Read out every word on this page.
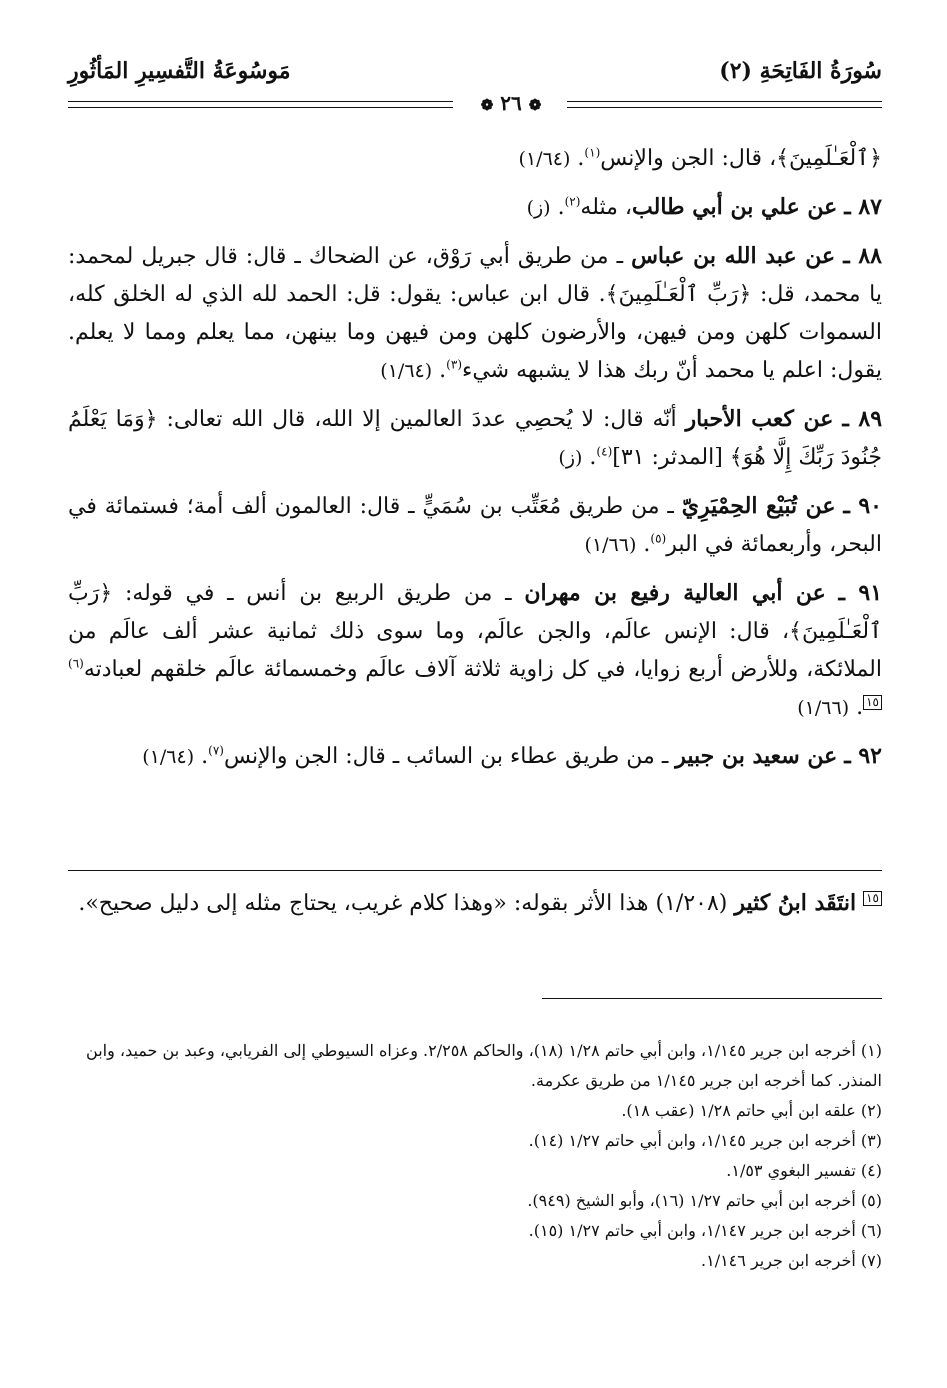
سُورَةُ الفَاتِحَةِ (٢)
مَوسُوعَةُ التَّفسِيرِ المَأثُورِ
❁ ٢٦ ❁

﴿ٱلْعَـٰلَمِينَ﴾، قال: الجن والإنس$^{(١)}$. (١/٦٤)

٨٧ ـ عن علي بن أبي طالب، مثله$^{(٢)}$. (ز)

٨٨ ـ عن عبد الله بن عباس ـ من طريق أبي رَوْق، عن الضحاك ـ قال: قال جبريل لمحمد: يا محمد، قل: ﴿رَبِّ ٱلْعَـٰلَمِينَ﴾. قال ابن عباس: يقول: قل: الحمد لله الذي له الخلق كله، السموات كلهن ومن فيهن، والأرضون كلهن ومن فيهن وما بينهن، مما يعلم ومما لا يعلم. يقول: اعلم يا محمد أنّ ربك هذا لا يشبهه شيء$^{(٣)}$. (١/٦٤)

٨٩ ـ عن كعب الأحبار أنّه قال: لا يُحصِي عددَ العالمين إلا الله، قال الله تعالى: ﴿وَمَا يَعْلَمُ جُنُودَ رَبِّكَ إِلَّا هُوَ﴾ [المدثر: ٣١]$^{(٤)}$. (ز)

٩٠ ـ عن تُبَيْع الحِمْيَرِيّ ـ من طريق مُعَتِّب بن سُمَيٍّ ـ قال: العالمون ألف أمة؛ فستمائة في البحر، وأربعمائة في البر$^{(٥)}$. (١/٦٦)

٩١ ـ عن أبي العالية رفيع بن مهران ـ من طريق الربيع بن أنس ـ في قوله: ﴿رَبِّ ٱلْعَـٰلَمِينَ﴾، قال: الإنس عالَم، والجن عالَم، وما سوى ذلك ثمانية عشر ألف عالَم من الملائكة، وللأرض أربع زوايا، في كل زاوية ثلاثة آلاف عالَم وخمسمائة عالَم خلقهم لعبادته$^{(٦)}$١٥. (١/٦٦)

٩٢ ـ عن سعيد بن جبير ـ من طريق عطاء بن السائب ـ قال: الجن والإنس$^{(٧)}$. (١/٦٤)

١٥ انتَقَد ابنُ كثير (١/٢٠٨) هذا الأثر بقوله: «وهذا كلام غريب، يحتاج مثله إلى دليل صحيح».

(١) أخرجه ابن جرير ١/١٤٥، وابن أبي حاتم ١/٢٨ (١٨)، والحاكم ٢/٢٥٨. وعزاه السيوطي إلى الفريابي، وعبد بن حميد، وابن المنذر. كما أخرجه ابن جرير ١/١٤٥ من طريق عكرمة.

(٢) علقه ابن أبي حاتم ١/٢٨ (عقب ١٨).

(٣) أخرجه ابن جرير ١/١٤٥، وابن أبي حاتم ١/٢٧ (١٤).

(٤) تفسير البغوي ١/٥٣.

(٥) أخرجه ابن أبي حاتم ١/٢٧ (١٦)، وأبو الشيخ (٩٤٩).

(٦) أخرجه ابن جرير ١/١٤٧، وابن أبي حاتم ١/٢٧ (١٥).

(٧) أخرجه ابن جرير ١/١٤٦.
